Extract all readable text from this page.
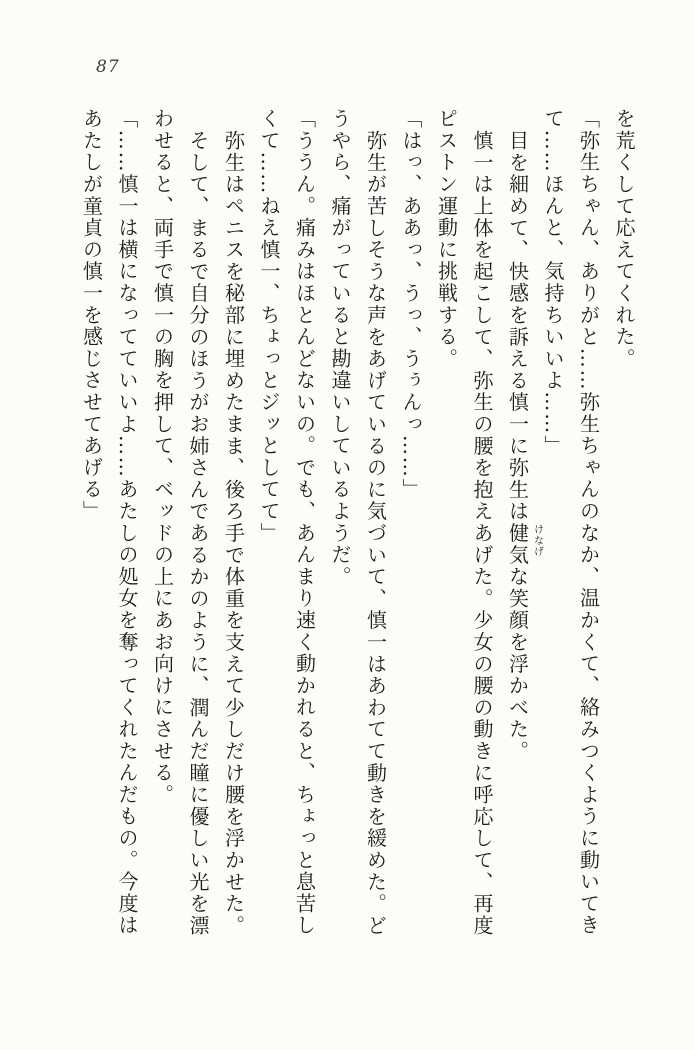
87
を荒くして応えてくれた。
「弥生ちゃん、ありがと……弥生ちゃんのなか、温かくて、絡みつくように動いてき
て……ほんと、気持ちいいよ……」
目を細めて、快感を訴える慎一に弥生は健気な笑顔を浮かべた。 けなげ
慎一は上体を起こして、弥生の腰を抱えあげた。少女の腰の動きに呼応して、再度
ピストン運動に挑戦する。
「はっ、ああっ、うっ、うぅんっ……」
弥生が苦しそうな声をあげているのに気づいて、慎一はあわてて動きを緩めた。ど
うやら、痛がっていると勘違いしているようだ。
「ううん。痛みはほとんどないの。でも、あんまり速く動かれると、ちょっと息苦し
くて……ねえ慎一、ちょっとジッとしてて」
弥生はペニスを秘部に埋めたまま、後ろ手で体重を支えて少しだけ腰を浮かせた。
そして、まるで自分のほうがお姉さんであるかのように、潤んだ瞳に優しい光を漂
わせると、両手で慎一の胸を押して、ベッドの上にあお向けにさせる。
「……慎一は横になってていいよ……あたしの処女を奪ってくれたんだもの。今度は
あたしが童貞の慎一を感じさせてあげる」
